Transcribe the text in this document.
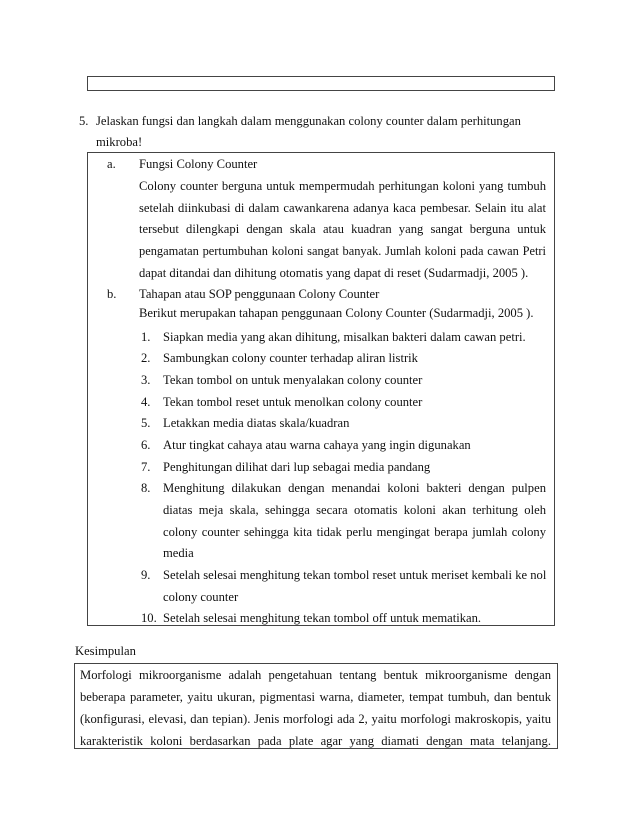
5. Jelaskan fungsi dan langkah dalam menggunakan colony counter dalam perhitungan
mikroba!
a. Fungsi Colony Counter
Colony counter berguna untuk mempermudah perhitungan koloni yang tumbuh
setelah diinkubasi di dalam cawankarena adanya kaca pembesar. Selain itu alat
tersebut dilengkapi dengan skala atau kuadran yang sangat berguna untuk
pengamatan pertumbuhan koloni sangat banyak. Jumlah koloni pada cawan Petri
dapat ditandai dan dihitung otomatis yang dapat di reset (Sudarmadji, 2005 ).
b. Tahapan atau SOP penggunaan Colony Counter
Berikut merupakan tahapan penggunaan Colony Counter (Sudarmadji, 2005 ).
1. Siapkan media yang akan dihitung, misalkan bakteri dalam cawan petri.
2. Sambungkan colony counter terhadap aliran listrik
3. Tekan tombol on untuk menyalakan colony counter
4. Tekan tombol reset untuk menolkan colony counter
5. Letakkan media diatas skala/kuadran
6. Atur tingkat cahaya atau warna cahaya yang ingin digunakan
7. Penghitungan dilihat dari lup sebagai media pandang
8. Menghitung dilakukan dengan menandai koloni bakteri dengan pulpen
diatas meja skala, sehingga secara otomatis koloni akan terhitung oleh
colony counter sehingga kita tidak perlu mengingat berapa jumlah colony
media
9. Setelah selesai menghitung tekan tombol reset untuk meriset kembali ke nol
colony counter
10. Setelah selesai menghitung tekan tombol off untuk mematikan.
Kesimpulan
Morfologi mikroorganisme adalah pengetahuan tentang bentuk mikroorganisme dengan
beberapa parameter, yaitu ukuran, pigmentasi warna, diameter, tempat tumbuh, dan bentuk
(konfigurasi, elevasi, dan tepian). Jenis morfologi ada 2, yaitu morfologi makroskopis, yaitu
karakteristik koloni berdasarkan pada plate agar yang diamati dengan mata telanjang.
